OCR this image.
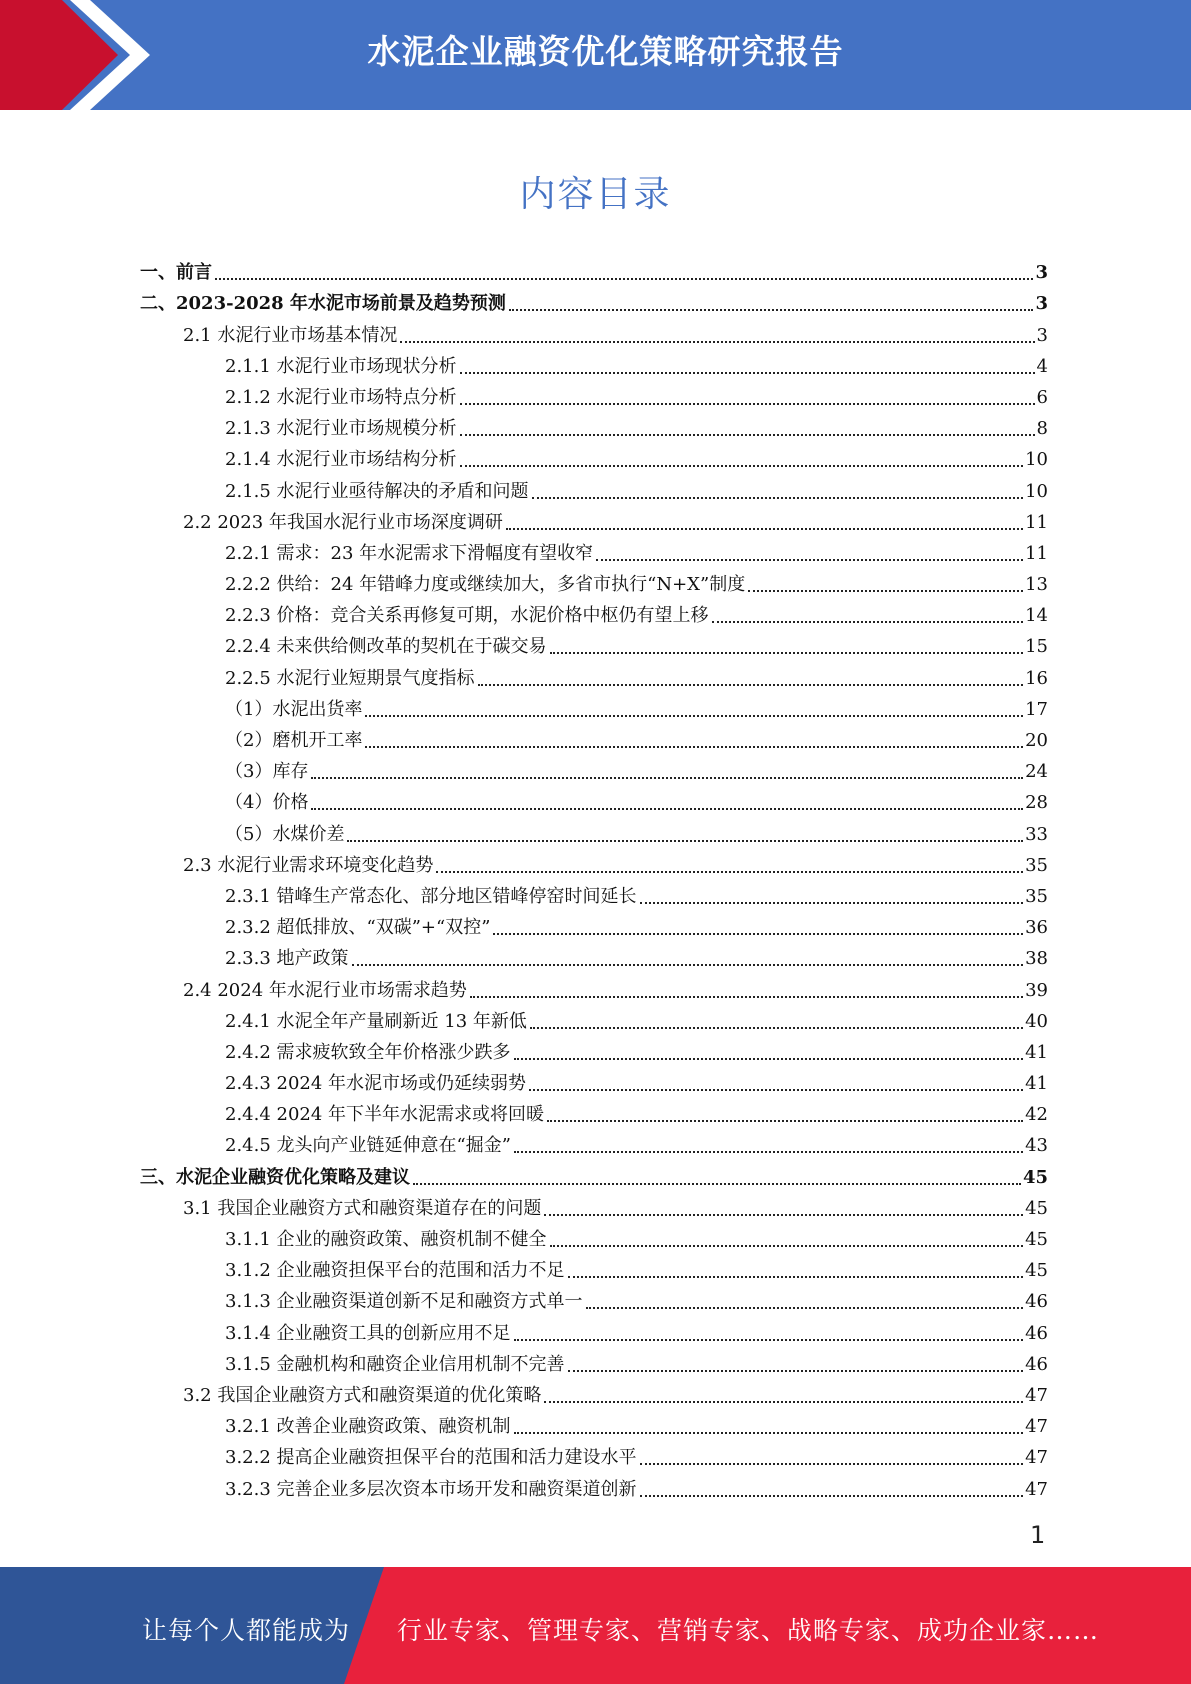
水泥企业融资优化策略研究报告
内容目录
一、前言	3
二、2023-2028 年水泥市场前景及趋势预测	3
2.1 水泥行业市场基本情况	3
2.1.1 水泥行业市场现状分析	4
2.1.2 水泥行业市场特点分析	6
2.1.3 水泥行业市场规模分析	8
2.1.4 水泥行业市场结构分析	10
2.1.5 水泥行业亟待解决的矛盾和问题	10
2.2 2023 年我国水泥行业市场深度调研	11
2.2.1 需求：23 年水泥需求下滑幅度有望收窄	11
2.2.2 供给：24 年错峰力度或继续加大，多省市执行“N+X”制度	13
2.2.3 价格：竞合关系再修复可期，水泥价格中枢仍有望上移	14
2.2.4 未来供给侧改革的契机在于碳交易	15
2.2.5 水泥行业短期景气度指标	16
（1）水泥出货率	17
（2）磨机开工率	20
（3）库存	24
（4）价格	28
（5）水煤价差	33
2.3 水泥行业需求环境变化趋势	35
2.3.1 错峰生产常态化、部分地区错峰停窑时间延长	35
2.3.2 超低排放、“双碳”+“双控”	36
2.3.3 地产政策	38
2.4 2024 年水泥行业市场需求趋势	39
2.4.1 水泥全年产量刷新近 13 年新低	40
2.4.2 需求疲软致全年价格涨少跌多	41
2.4.3 2024 年水泥市场或仍延续弱势	41
2.4.4 2024 年下半年水泥需求或将回暖	42
2.4.5 龙头向产业链延伸意在“掘金”	43
三、水泥企业融资优化策略及建议	45
3.1 我国企业融资方式和融资渠道存在的问题	45
3.1.1 企业的融资政策、融资机制不健全	45
3.1.2 企业融资担保平台的范围和活力不足	45
3.1.3 企业融资渠道创新不足和融资方式单一	46
3.1.4 企业融资工具的创新应用不足	46
3.1.5 金融机构和融资企业信用机制不完善	46
3.2 我国企业融资方式和融资渠道的优化策略	47
3.2.1 改善企业融资政策、融资机制	47
3.2.2 提高企业融资担保平台的范围和活力建设水平	47
3.2.3 完善企业多层次资本市场开发和融资渠道创新	47
1
让每个人都能成为 行业专家、管理专家、营销专家、战略专家、成功企业家……
